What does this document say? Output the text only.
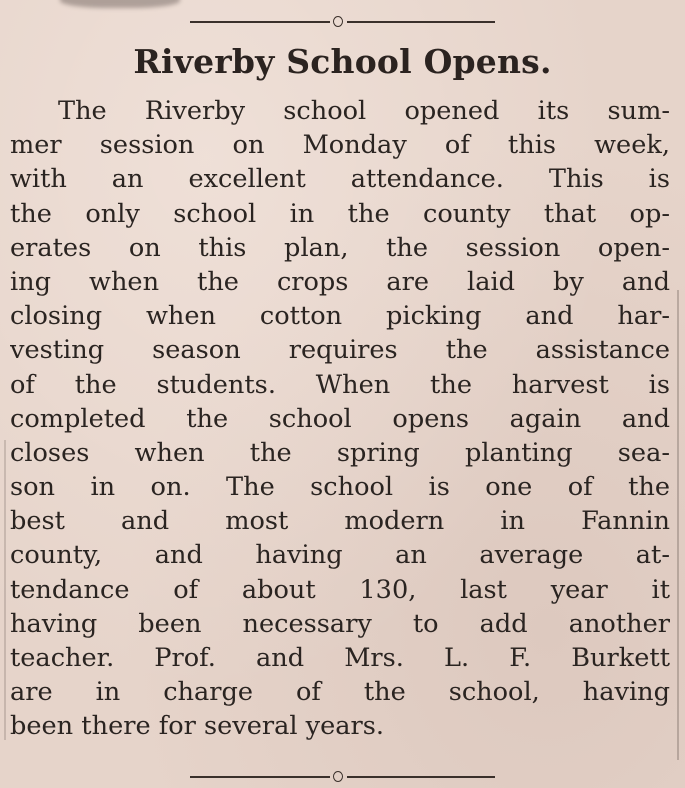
Riverby School Opens.
The Riverby school opened its sum-
mer session on Monday of this week,
with an excellent attendance. This is
the only school in the county that op-
erates on this plan, the session open-
ing when the crops are laid by and
closing when cotton picking and har-
vesting season requires the assistance
of the students. When the harvest is
completed the school opens again and
closes when the spring planting sea-
son in on. The school is one of the
best and most modern in Fannin
county, and having an average at-
tendance of about 130, last year it
having been necessary to add another
teacher. Prof. and Mrs. L. F. Burkett
are in charge of the school, having
been there for several years.
